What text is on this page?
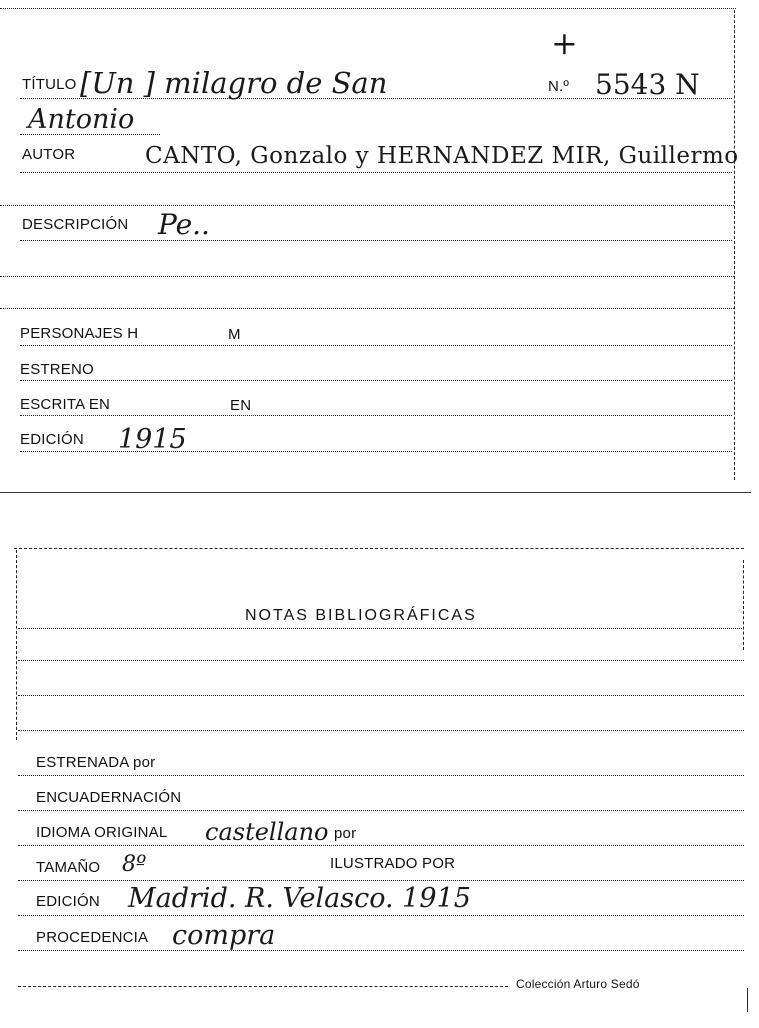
+
TÍTULO [Un ] milagro de San	N.º 5543 N
Antonio
AUTOR	CANTO, Gonzalo y HERNANDEZ MIR, Guillermo
DESCRIPCIÓN Pe..
PERSONAJES H	M
ESTRENO
ESCRITA EN	EN
EDICIÓN 1915
NOTAS BIBLIOGRÁFICAS
ESTRENADA por
ENCUADERNACIÓN
IDIOMA ORIGINAL castellano por
TAMAÑO 8º	ILUSTRADO POR
EDICIÓN Madrid. R. Velasco. 1915
PROCEDENCIA compra
Colección Arturo Sedó
